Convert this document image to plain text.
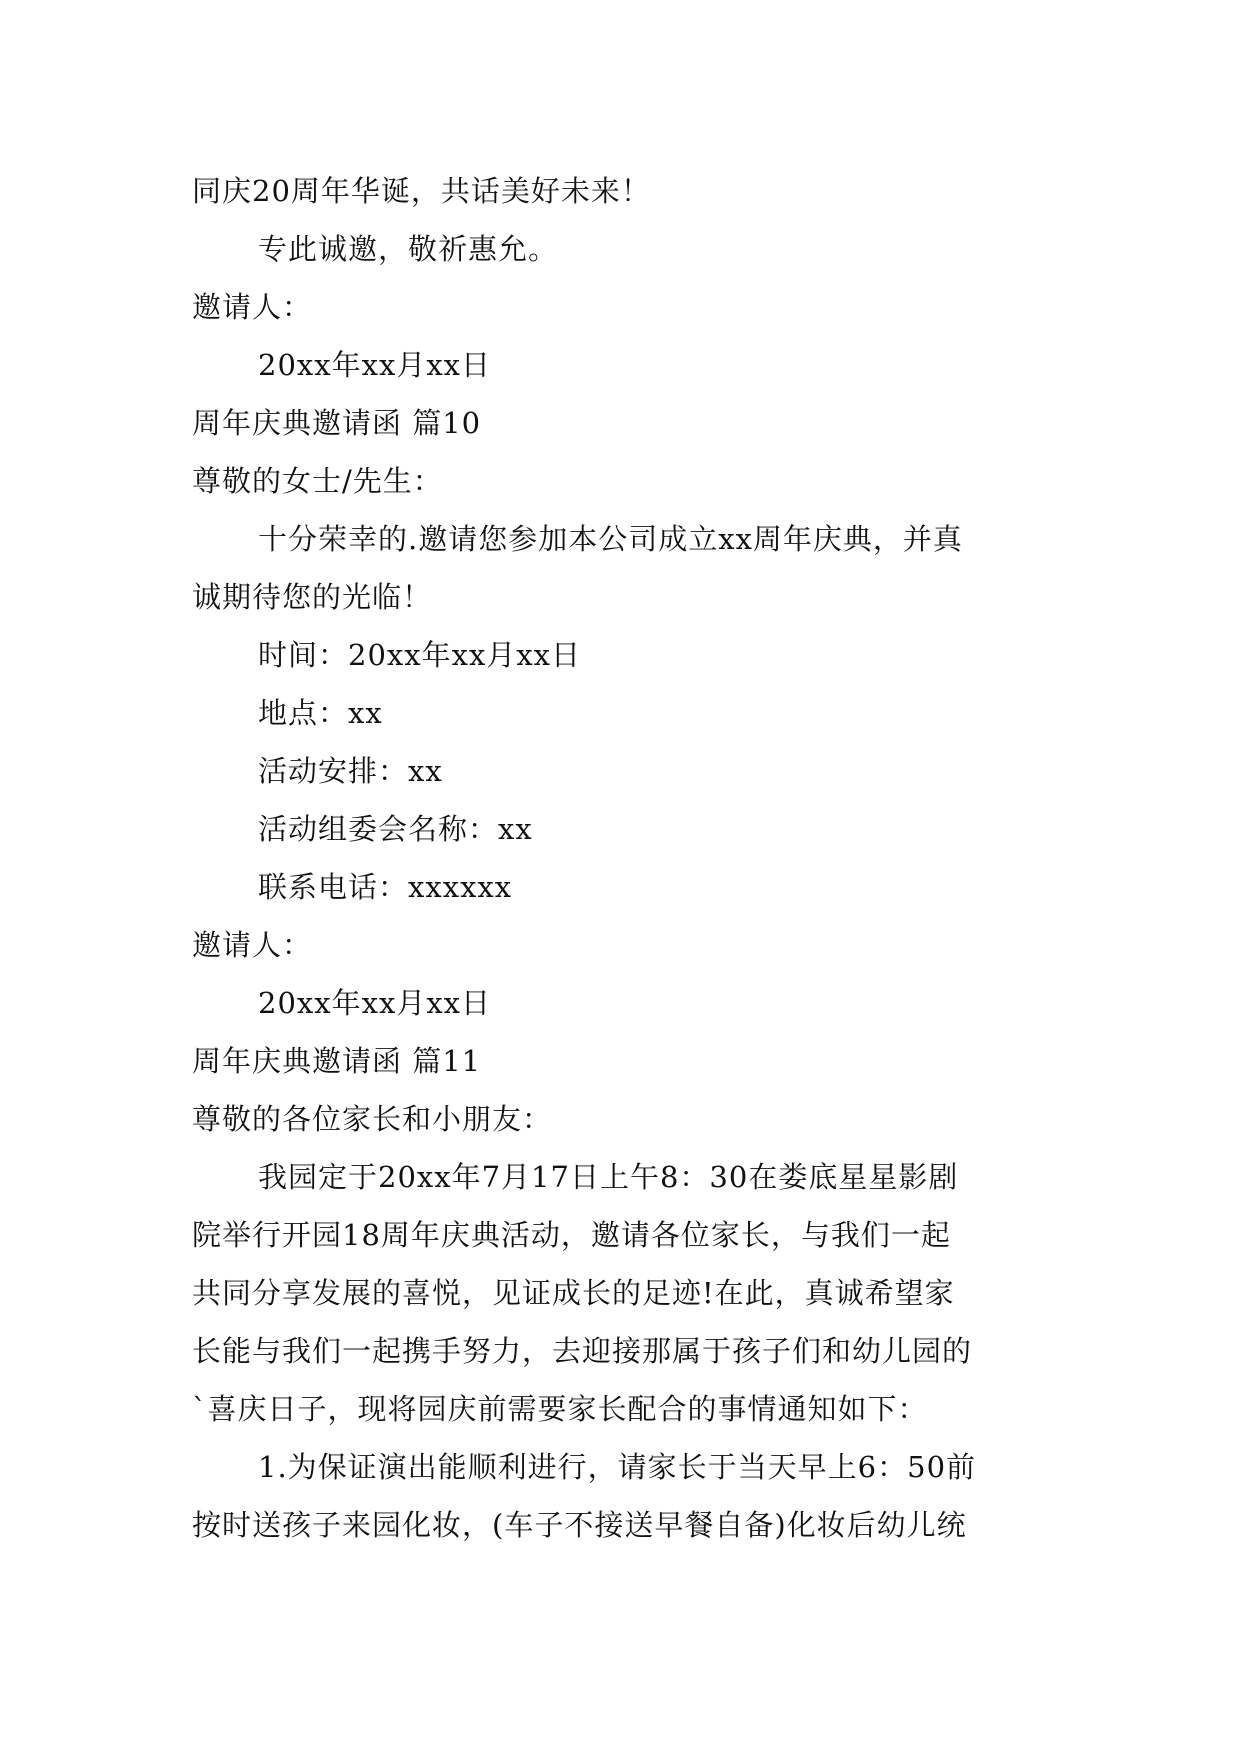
同庆20周年华诞，共话美好未来！
专此诚邀，敬祈惠允。
邀请人：
20xx年xx月xx日
周年庆典邀请函 篇10
尊敬的女士/先生：
十分荣幸的.邀请您参加本公司成立xx周年庆典，并真
诚期待您的光临！
时间：20xx年xx月xx日
地点：xx
活动安排：xx
活动组委会名称：xx
联系电话：xxxxxx
邀请人：
20xx年xx月xx日
周年庆典邀请函 篇11
尊敬的各位家长和小朋友：
我园定于20xx年7月17日上午8：30在娄底星星影剧
院举行开园18周年庆典活动，邀请各位家长，与我们一起
共同分享发展的喜悦，见证成长的足迹!在此，真诚希望家
长能与我们一起携手努力，去迎接那属于孩子们和幼儿园的
`喜庆日子，现将园庆前需要家长配合的事情通知如下：
1.为保证演出能顺利进行，请家长于当天早上6：50前
按时送孩子来园化妆，(车子不接送早餐自备)化妆后幼儿统
